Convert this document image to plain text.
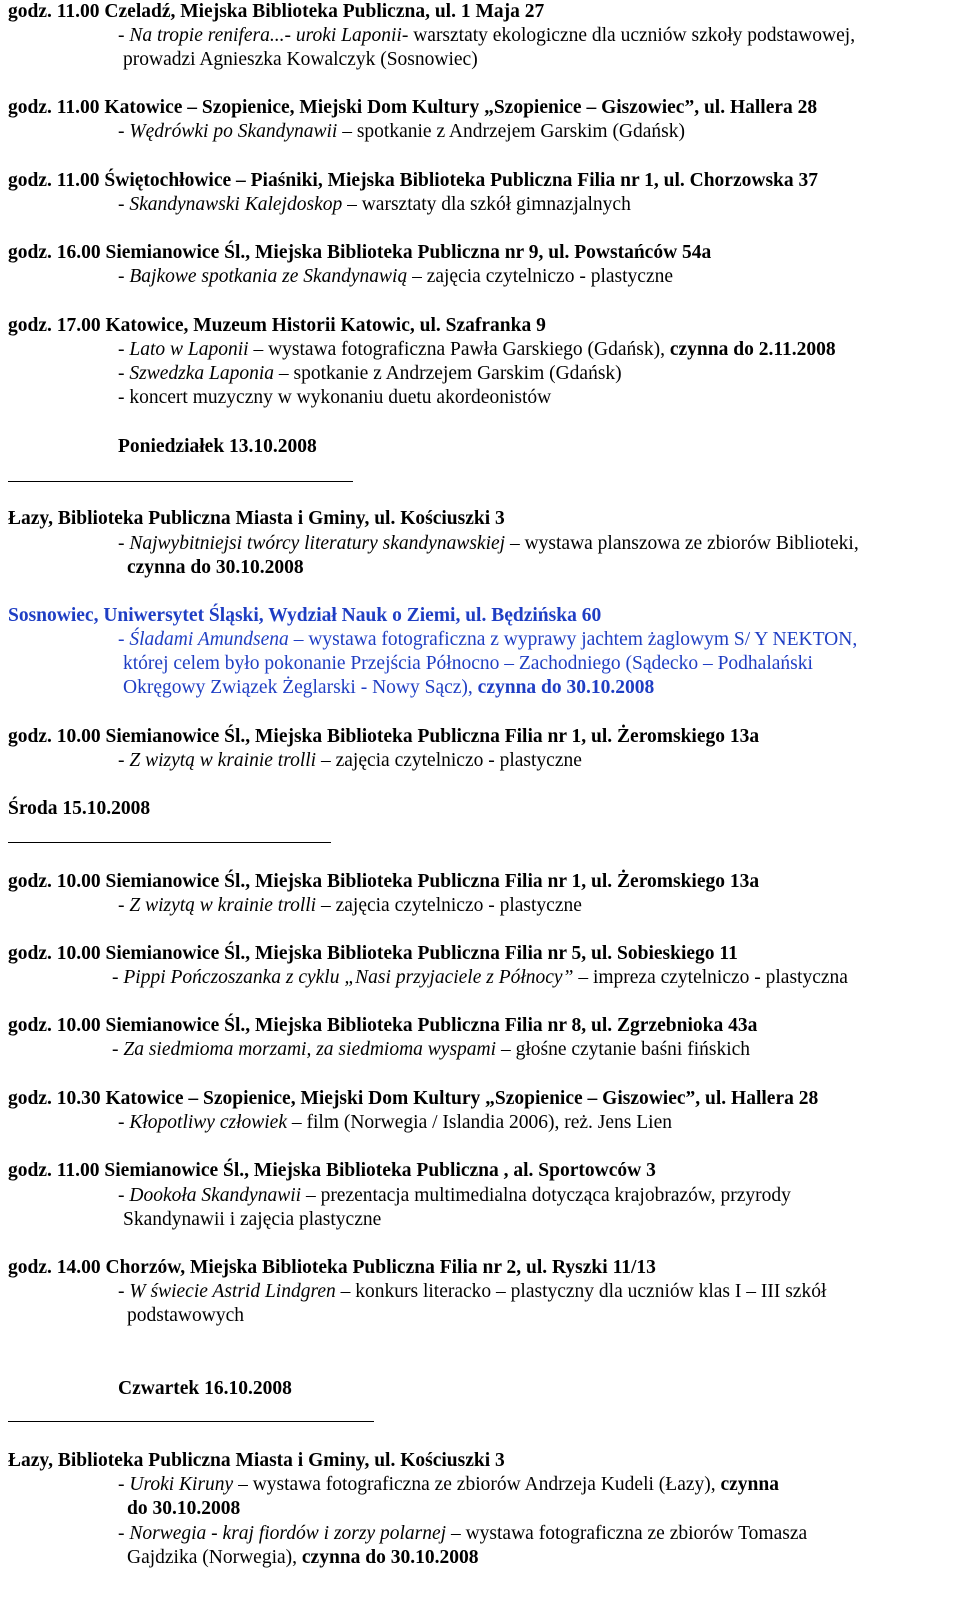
godz. 11.00 Czeladź, Miejska Biblioteka Publiczna, ul. 1 Maja 27
- Na tropie renifera...- uroki Laponii- warsztaty ekologiczne dla uczniów szkoły podstawowej,
prowadzi Agnieszka Kowalczyk (Sosnowiec)
godz. 11.00 Katowice – Szopienice, Miejski Dom Kultury „Szopienice – Giszowiec”, ul. Hallera 28
- Wędrówki po Skandynawii – spotkanie z Andrzejem Garskim (Gdańsk)
godz. 11.00 Świętochłowice – Piaśniki, Miejska Biblioteka Publiczna Filia nr 1, ul. Chorzowska 37
- Skandynawski Kalejdoskop – warsztaty dla szkół gimnazjalnych
godz. 16.00 Siemianowice Śl., Miejska Biblioteka Publiczna nr 9, ul. Powstańców 54a
- Bajkowe spotkania ze Skandynawią – zajęcia czytelniczo - plastyczne
godz. 17.00 Katowice, Muzeum Historii Katowic, ul. Szafranka 9
- Lato w Laponii – wystawa fotograficzna Pawła Garskiego (Gdańsk), czynna do 2.11.2008
- Szwedzka Laponia – spotkanie z Andrzejem Garskim (Gdańsk)
- koncert muzyczny w wykonaniu duetu akordeonistów
Poniedziałek 13.10.2008
Łazy, Biblioteka Publiczna Miasta i Gminy, ul. Kościuszki 3
- Najwybitniejsi twórcy literatury skandynawskiej – wystawa planszowa ze zbiorów Biblioteki,
czynna do 30.10.2008
Sosnowiec, Uniwersytet Śląski, Wydział Nauk o Ziemi, ul. Będzińska 60
- Śladami Amundsena – wystawa fotograficzna z wyprawy jachtem żaglowym S/ Y NEKTON,
której celem było pokonanie Przejścia Północno – Zachodniego (Sądecko – Podhalański
Okręgowy Związek Żeglarski - Nowy Sącz), czynna do 30.10.2008
godz. 10.00 Siemianowice Śl., Miejska Biblioteka Publiczna Filia nr 1, ul. Żeromskiego 13a
- Z wizytą w krainie trolli – zajęcia czytelniczo - plastyczne
Środa 15.10.2008
godz. 10.00 Siemianowice Śl., Miejska Biblioteka Publiczna Filia nr 1, ul. Żeromskiego 13a
- Z wizytą w krainie trolli – zajęcia czytelniczo - plastyczne
godz. 10.00 Siemianowice Śl., Miejska Biblioteka Publiczna Filia nr 5, ul. Sobieskiego 11
- Pippi Pończoszanka z cyklu „Nasi przyjaciele z Północy” – impreza czytelniczo - plastyczna
godz. 10.00 Siemianowice Śl., Miejska Biblioteka Publiczna Filia nr 8, ul. Zgrzebnioka 43a
- Za siedmioma morzami, za siedmioma wyspami – głośne czytanie baśni fińskich
godz. 10.30 Katowice – Szopienice, Miejski Dom Kultury „Szopienice – Giszowiec”, ul. Hallera 28
- Kłopotliwy człowiek – film (Norwegia / Islandia 2006), reż. Jens Lien
godz. 11.00 Siemianowice Śl., Miejska Biblioteka Publiczna , al. Sportowców 3
- Dookoła Skandynawii – prezentacja multimedialna dotycząca krajobrazów, przyrody
Skandynawii i zajęcia plastyczne
godz. 14.00 Chorzów, Miejska Biblioteka Publiczna Filia nr 2, ul. Ryszki 11/13
- W świecie Astrid Lindgren – konkurs literacko – plastyczny dla uczniów klas I – III szkół
podstawowych
Czwartek 16.10.2008
Łazy, Biblioteka Publiczna Miasta i Gminy, ul. Kościuszki 3
- Uroki Kiruny – wystawa fotograficzna ze zbiorów Andrzeja Kudeli (Łazy), czynna
do 30.10.2008
- Norwegia - kraj fiordów i zorzy polarnej – wystawa fotograficzna ze zbiorów Tomasza
Gajdzika (Norwegia), czynna do 30.10.2008
